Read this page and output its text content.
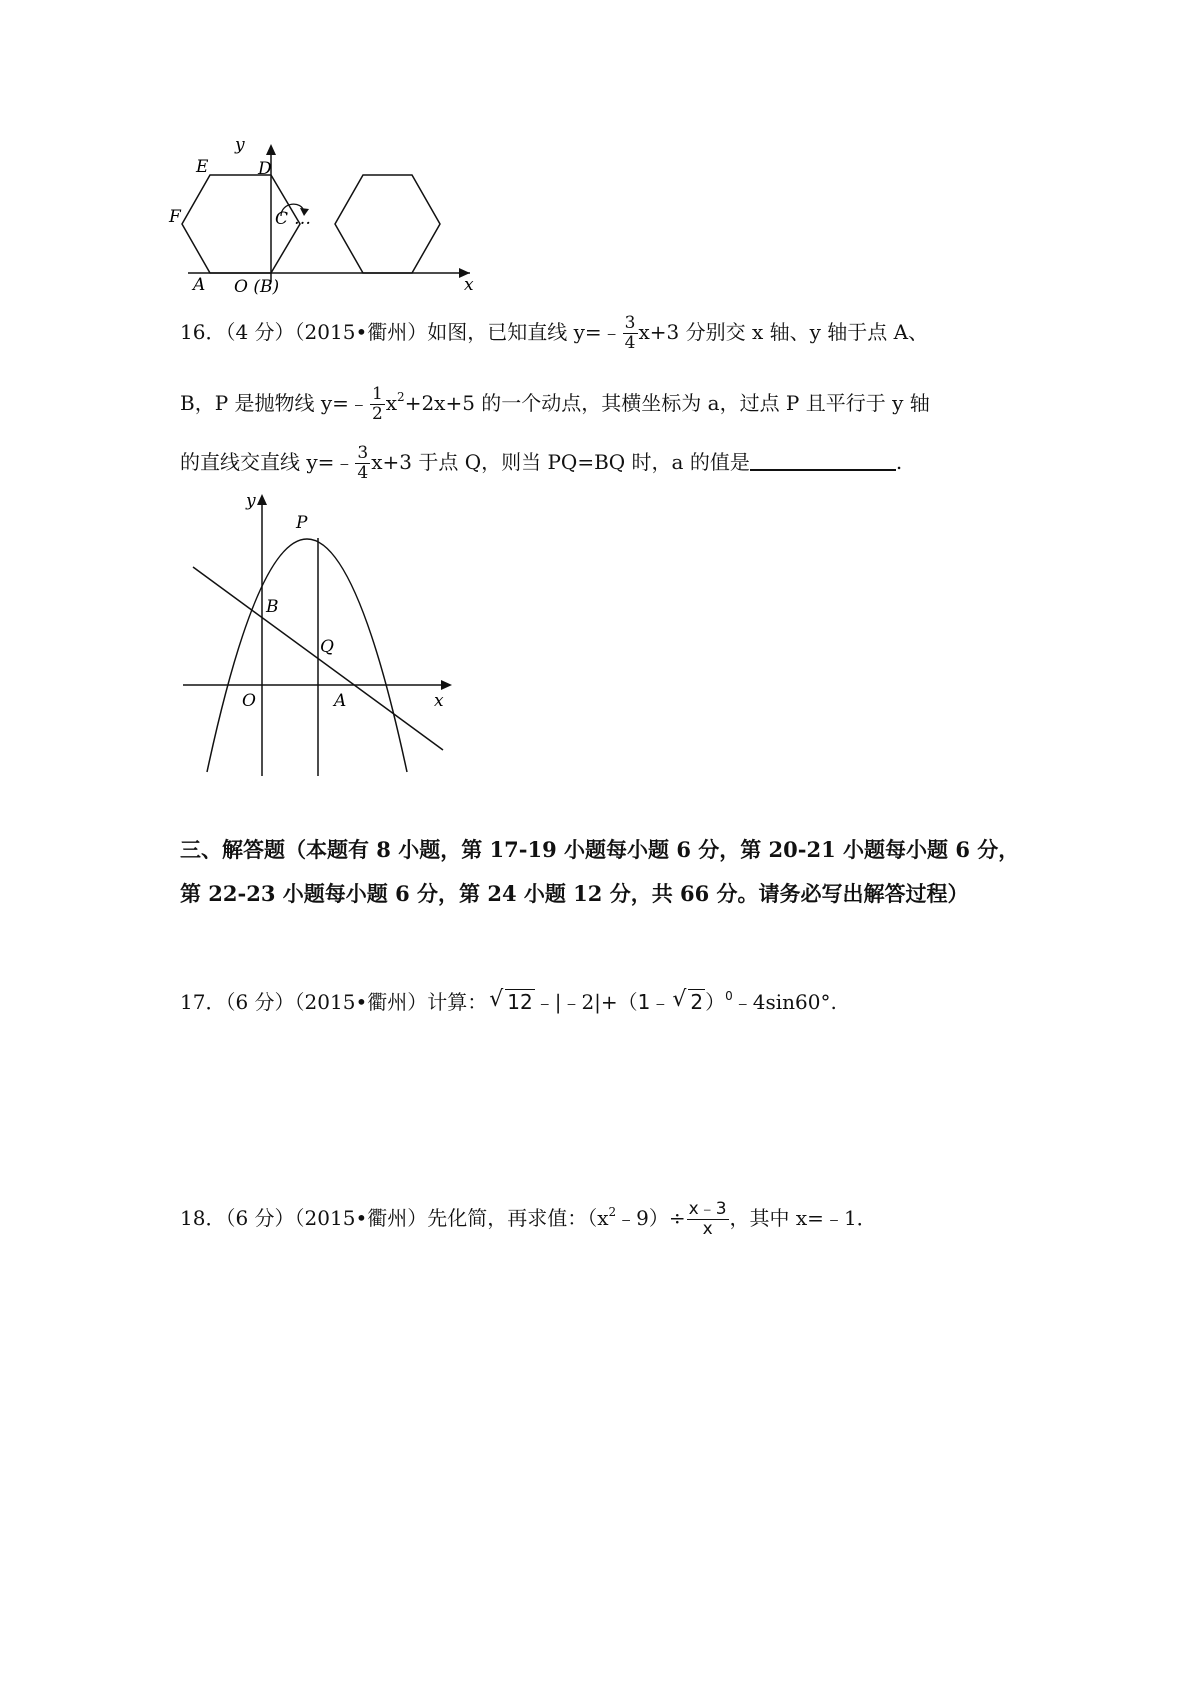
y
E	D
F	C …
A O (B)	x
16．（4 分）（2015•衢州）如图，已知直线 y=﹣ $\frac{3}{4} x+3$ 分别交 x 轴、y 轴于点 A、
B，P 是抛物线 y=﹣ $\frac{1}{2} x^2+2x+5$ 的一个动点，其横坐标为 a，过点 P 且平行于 y 轴
的直线交直线 y=﹣ $\frac{3}{4} x+3$ 于点 Q，则当 PQ=BQ 时，a 的值是	.
y
P
B
Q
O	A	x
三、解答题（本题有 8 小题，第 17-19 小题每小题 6 分，第 20-21 小题每小题 6 分，第 22-23 小题每小题 6 分，第 24 小题 12 分，共 66 分。请务必写出解答过程）
17．（6 分）（2015•衢州）计算： √ 12 ﹣|﹣2|+（1﹣ √ 2 ）$^0$﹣4sin60°.
18．（6 分）（2015•衢州）先化简，再求值：$(x^2﹣9)\div \frac{x﹣3}{x}$ ，其中 x=﹣1．
